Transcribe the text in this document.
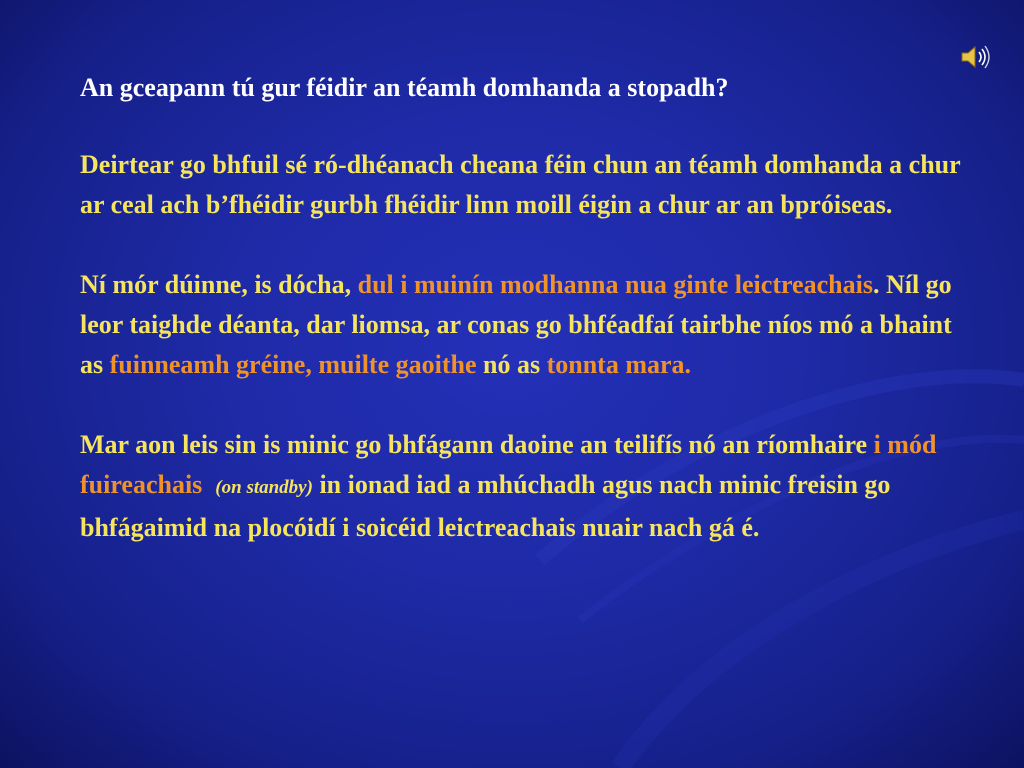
An gceapann tú gur féidir an téamh domhanda a stopadh?

Deirtear go bhfuil sé ró-dhéanach cheana féin chun an téamh domhanda a chur ar ceal ach b’fhéidir gurbh fhéidir linn moill éigin a chur ar an bpróiseas.

Ní mór dúinne, is dócha, dul i muinín modhanna nua ginte leictreachais. Níl go leor taighde déanta, dar liomsa, ar conas go bhféadfaí tairbhe níos mó a bhaint as fuinneamh gréine, muilte gaoithe nó as tonnta mara.

Mar aon leis sin is minic go bhfágann daoine an teilifís nó an ríomhaire i mód fuireachais (on standby) in ionad iad a mhúchadh agus nach minic freisin go bhfágaimid na plocóidí i soicéid leictreachais nuair nach gá é.
